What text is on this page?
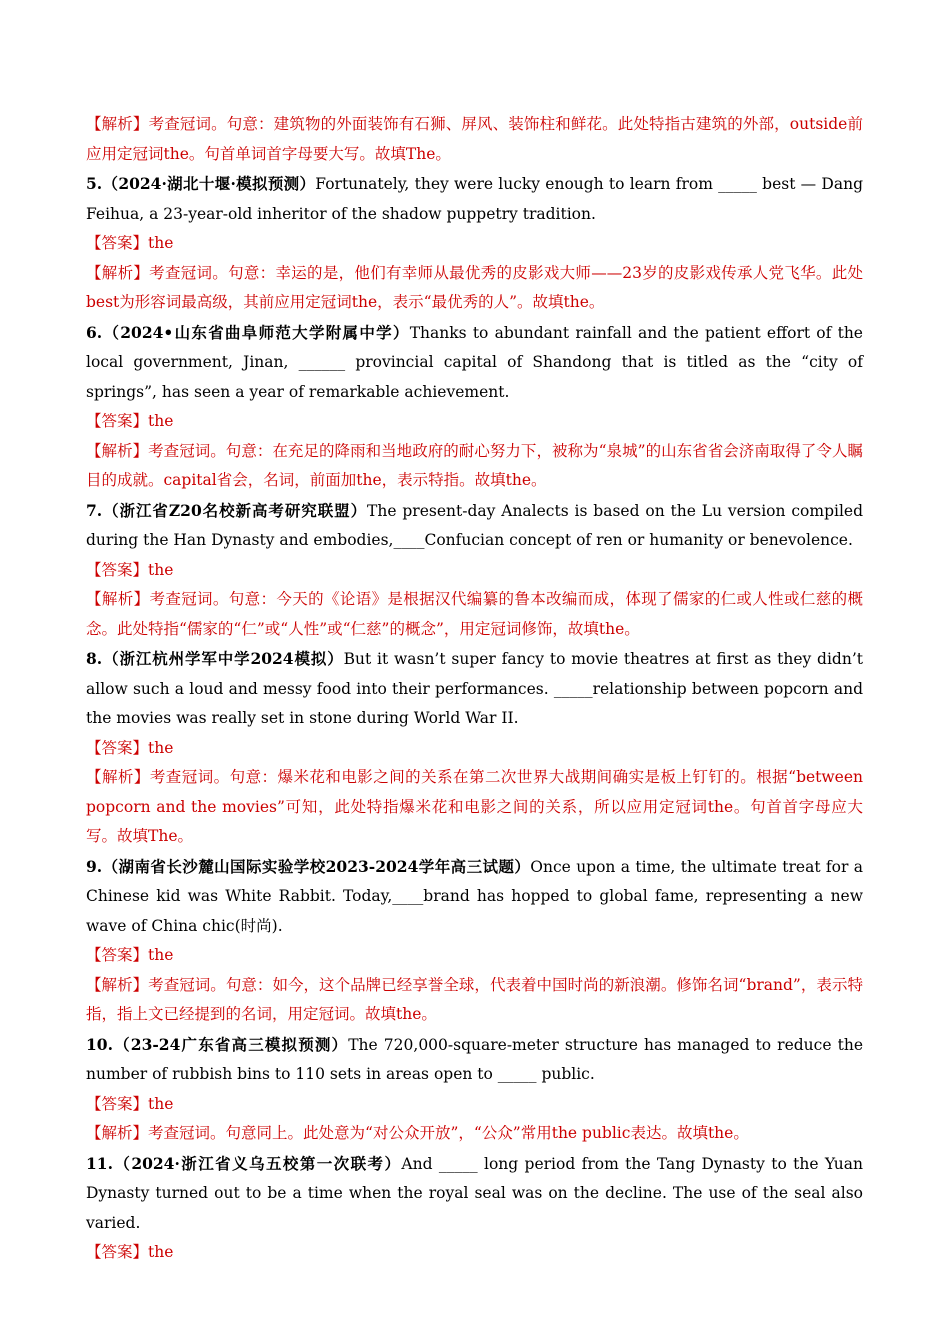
【解析】考查冠词。句意：建筑物的外面装饰有石狮、屏风、装饰柱和鲜花。此处特指古建筑的外部，outside前应用定冠词the。句首单词首字母要大写。故填The。

5.（2024·湖北十堰·模拟预测）Fortunately, they were lucky enough to learn from _____ best — Dang Feihua, a 23-year-old inheritor of the shadow puppetry tradition.

【答案】the

【解析】考查冠词。句意：幸运的是，他们有幸师从最优秀的皮影戏大师——23岁的皮影戏传承人党飞华。此处best为形容词最高级，其前应用定冠词the，表示“最优秀的人”。故填the。

6.（2024•山东省曲阜师范大学附属中学）Thanks to abundant rainfall and the patient effort of the local government, Jinan, ______ provincial capital of Shandong that is titled as the “city of springs”, has seen a year of remarkable achievement.

【答案】the

【解析】考查冠词。句意：在充足的降雨和当地政府的耐心努力下，被称为“泉城”的山东省省会济南取得了令人瞩目的成就。capital省会，名词，前面加the，表示特指。故填the。

7.（浙江省Z20名校新高考研究联盟）The present-day Analects is based on the Lu version compiled during the Han Dynasty and embodies,____Confucian concept of ren or humanity or benevolence.

【答案】the

【解析】考查冠词。句意：今天的《论语》是根据汉代编纂的鲁本改编而成，体现了儒家的仁或人性或仁慈的概念。此处特指“儒家的“仁”或“人性”或“仁慈”的概念”，用定冠词修饰，故填the。

8.（浙江杭州学军中学2024模拟）But it wasn’t super fancy to movie theatres at first as they didn’t allow such a loud and messy food into their performances. _____relationship between popcorn and the movies was really set in stone during World War II.

【答案】the

【解析】考查冠词。句意：爆米花和电影之间的关系在第二次世界大战期间确实是板上钉钉的。根据“between popcorn and the movies”可知，此处特指爆米花和电影之间的关系，所以应用定冠词the。句首首字母应大写。故填The。

9.（湖南省长沙麓山国际实验学校2023-2024学年高三试题）Once upon a time, the ultimate treat for a Chinese kid was White Rabbit. Today,____brand has hopped to global fame, representing a new wave of China chic(时尚).

【答案】the

【解析】考查冠词。句意：如今，这个品牌已经享誉全球，代表着中国时尚的新浪潮。修饰名词“brand”，表示特指，指上文已经提到的名词，用定冠词。故填the。

10.（23-24广东省高三模拟预测）The 720,000-square-meter structure has managed to reduce the number of rubbish bins to 110 sets in areas open to _____ public.

【答案】the

【解析】考查冠词。句意同上。此处意为“对公众开放”，“公众”常用the public表达。故填the。

11.（2024·浙江省义乌五校第一次联考）And _____ long period from the Tang Dynasty to the Yuan Dynasty turned out to be a time when the royal seal was on the decline. The use of the seal also varied.

【答案】the
